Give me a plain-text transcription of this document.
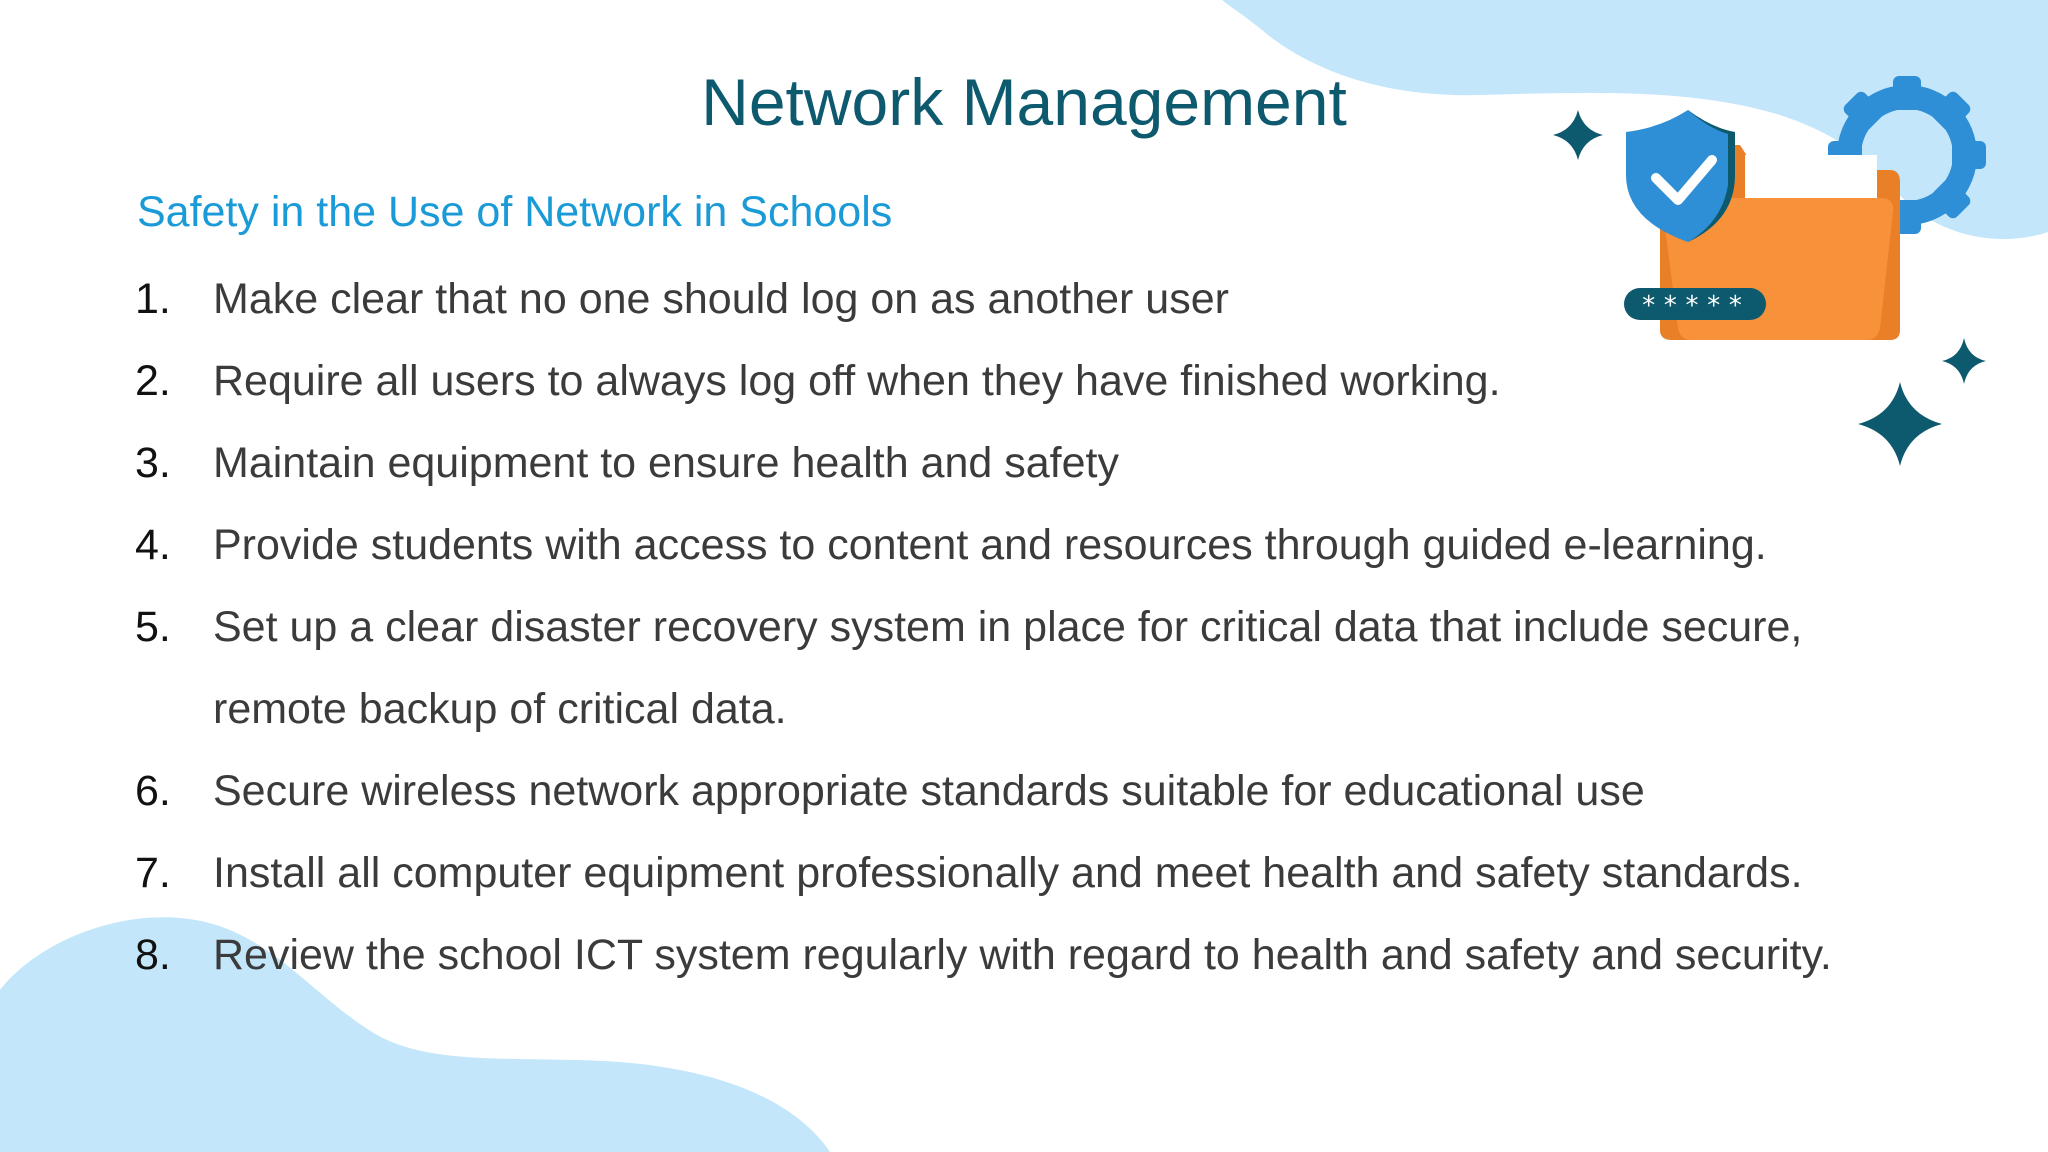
*****
Network Management
Safety in the Use of Network in Schools
1. Make clear that no one should log on as another user
2. Require all users to always log off when they have finished working.
3. Maintain equipment to ensure health and safety
4. Provide students with access to content and resources through guided e-learning.
5. Set up a clear disaster recovery system in place for critical data that include secure, remote backup of critical data.
6. Secure wireless network appropriate standards suitable for educational use
7. Install all computer equipment professionally and meet health and safety standards.
8. Review the school ICT system regularly with regard to health and safety and security.
